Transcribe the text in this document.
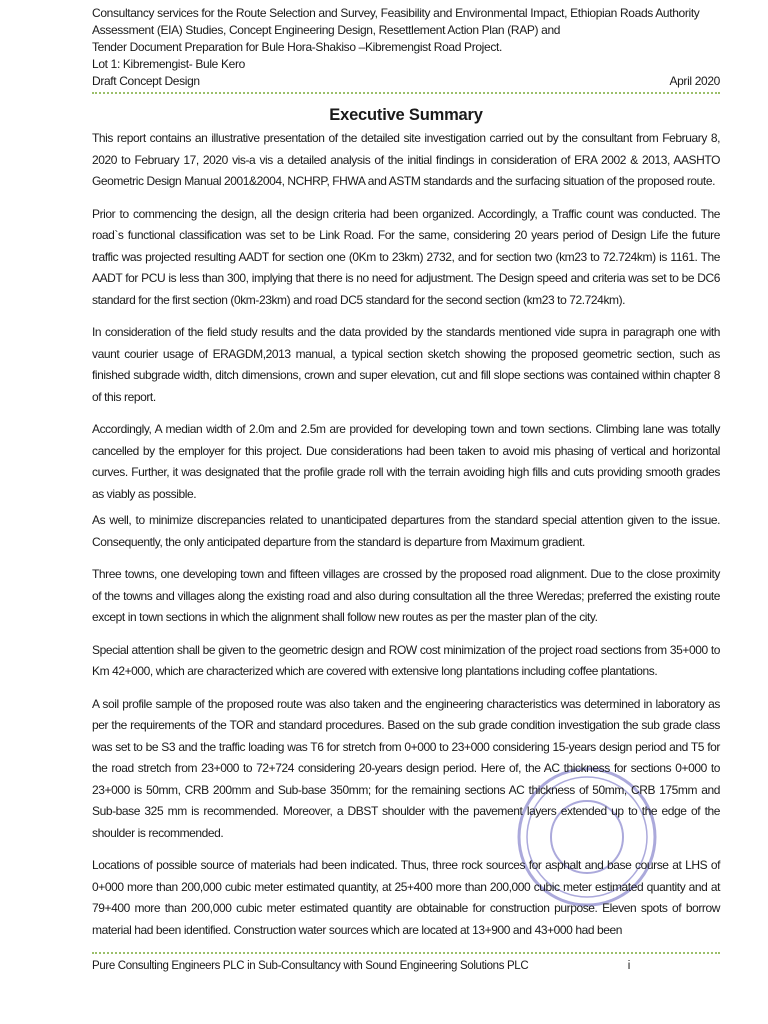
Consultancy services for the Route Selection and Survey, Feasibility and Environmental Impact, Ethiopian Roads Authority
Assessment (EIA) Studies, Concept Engineering Design, Resettlement Action Plan (RAP) and
Tender Document Preparation for Bule Hora-Shakiso –Kibremengist Road Project.
Lot 1: Kibremengist- Bule Kero
Draft Concept Design	April 2020
Executive Summary

This report contains an illustrative presentation of the detailed site investigation carried out by the consultant from February 8, 2020 to February 17, 2020 vis-a vis a detailed analysis of the initial findings in consideration of ERA 2002 & 2013, AASHTO Geometric Design Manual 2001&2004, NCHRP, FHWA and ASTM standards and the surfacing situation of the proposed route.

Prior to commencing the design, all the design criteria had been organized. Accordingly, a Traffic count was conducted. The road`s functional classification was set to be Link Road. For the same, considering 20 years period of Design Life the future traffic was projected resulting AADT for section one (0Km to 23km) 2732, and for section two (km23 to 72.724km) is 1161. The AADT for PCU is less than 300, implying that there is no need for adjustment. The Design speed and criteria was set to be DC6 standard for the first section (0km-23km) and road DC5 standard for the second section (km23 to 72.724km).

In consideration of the field study results and the data provided by the standards mentioned vide supra in paragraph one with vaunt courier usage of ERAGDM,2013 manual, a typical section sketch showing the proposed geometric section, such as finished subgrade width, ditch dimensions, crown and super elevation, cut and fill slope sections was contained within chapter 8 of this report.

Accordingly, A median width of 2.0m and 2.5m are provided for developing town and town sections. Climbing lane was totally cancelled by the employer for this project. Due considerations had been taken to avoid mis phasing of vertical and horizontal curves. Further, it was designated that the profile grade roll with the terrain avoiding high fills and cuts providing smooth grades as viably as possible.

As well, to minimize discrepancies related to unanticipated departures from the standard special attention given to the issue. Consequently, the only anticipated departure from the standard is departure from Maximum gradient.

Three towns, one developing town and fifteen villages are crossed by the proposed road alignment. Due to the close proximity of the towns and villages along the existing road and also during consultation all the three Weredas; preferred the existing route except in town sections in which the alignment shall follow new routes as per the master plan of the city.

Special attention shall be given to the geometric design and ROW cost minimization of the project road sections from 35+000 to Km 42+000, which are characterized which are covered with extensive long plantations including coffee plantations.

A soil profile sample of the proposed route was also taken and the engineering characteristics was determined in laboratory as per the requirements of the TOR and standard procedures. Based on the sub grade condition investigation the sub grade class was set to be S3 and the traffic loading was T6 for stretch from 0+000 to 23+000 considering 15-years design period and T5 for the road stretch from 23+000 to 72+724 considering 20-years design period. Here of, the AC thickness for sections 0+000 to 23+000 is 50mm, CRB 200mm and Sub-base 350mm; for the remaining sections AC thickness of 50mm, CRB 175mm and Sub-base 325 mm is recommended. Moreover, a DBST shoulder with the pavement layers extended up to the edge of the shoulder is recommended.

Locations of possible source of materials had been indicated. Thus, three rock sources for asphalt and base course at LHS of 0+000 more than 200,000 cubic meter estimated quantity, at 25+400 more than 200,000 cubic meter estimated quantity and at 79+400 more than 200,000 cubic meter estimated quantity are obtainable for construction purpose. Eleven spots of borrow material had been identified. Construction water sources which are located at 13+900 and 43+000 had been

Pure Consulting Engineers PLC in Sub-Consultancy with Sound Engineering Solutions PLC	i
